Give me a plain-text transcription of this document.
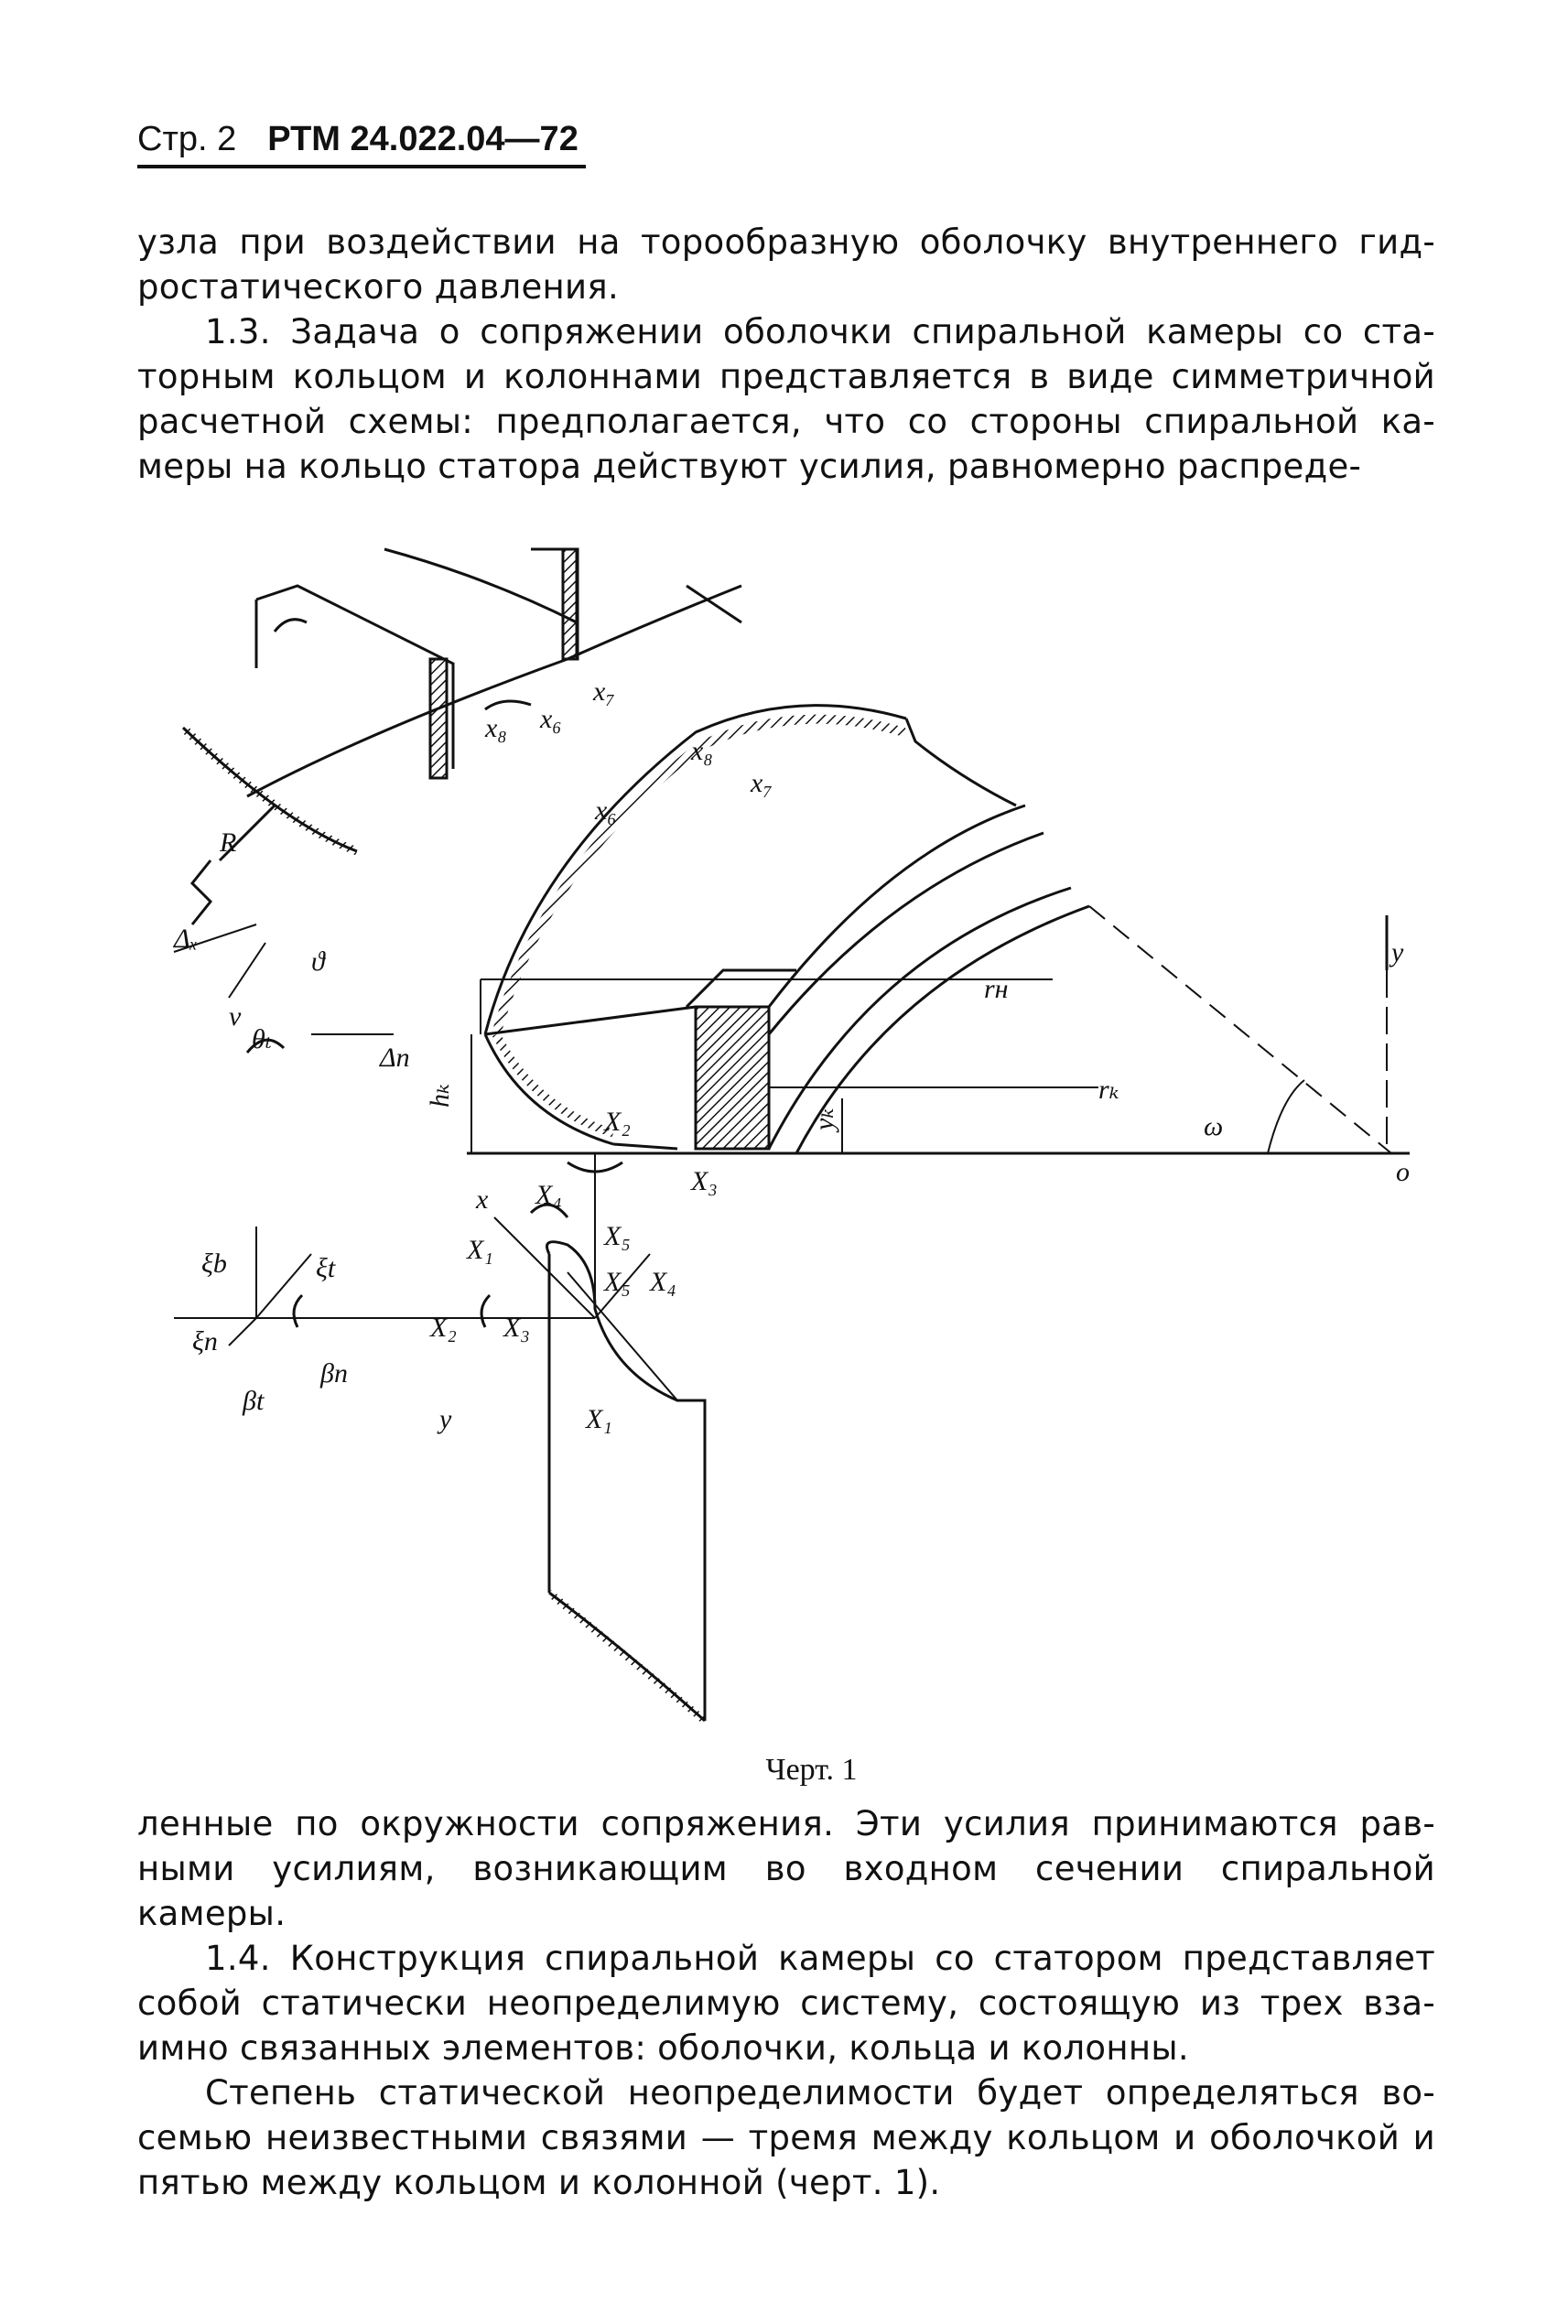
Стр. 2 РТМ 24.022.04—72

узла при воздействии на торообразную оболочку внутреннего гид-ростатического давления.

1.3. Задача о сопряжении оболочки спиральной камеры со ста-торным кольцом и колоннами представляется в виде симметричной расчетной схемы: предполагается, что со стороны спиральной ка-меры на кольцо статора действуют усилия, равномерно распреде-

x₇
x₈ x₆
x₈
x₇
x₆
R
Δₓ
v
ϑ	y
rн
θₜ
Δп
hₖ
X₂
rₖ
yₖ	ω
o
X₃
x X₄
X₁	X₅
ξb	ξt	X₅ X₄
ξп	X₂ X₃
βп
βt
y	X₁
Черт. 1

ленные по окружности сопряжения. Эти усилия принимаются рав-ными усилиям, возникающим во входном сечении спиральной камеры.

1.4. Конструкция спиральной камеры со статором представляет собой статически неопределимую систему, состоящую из трех вза-имно связанных элементов: оболочки, кольца и колонны.

Степень статической неопределимости будет определяться во-семью неизвестными связями — тремя между кольцом и оболочкой и пятью между кольцом и колонной (черт. 1).
